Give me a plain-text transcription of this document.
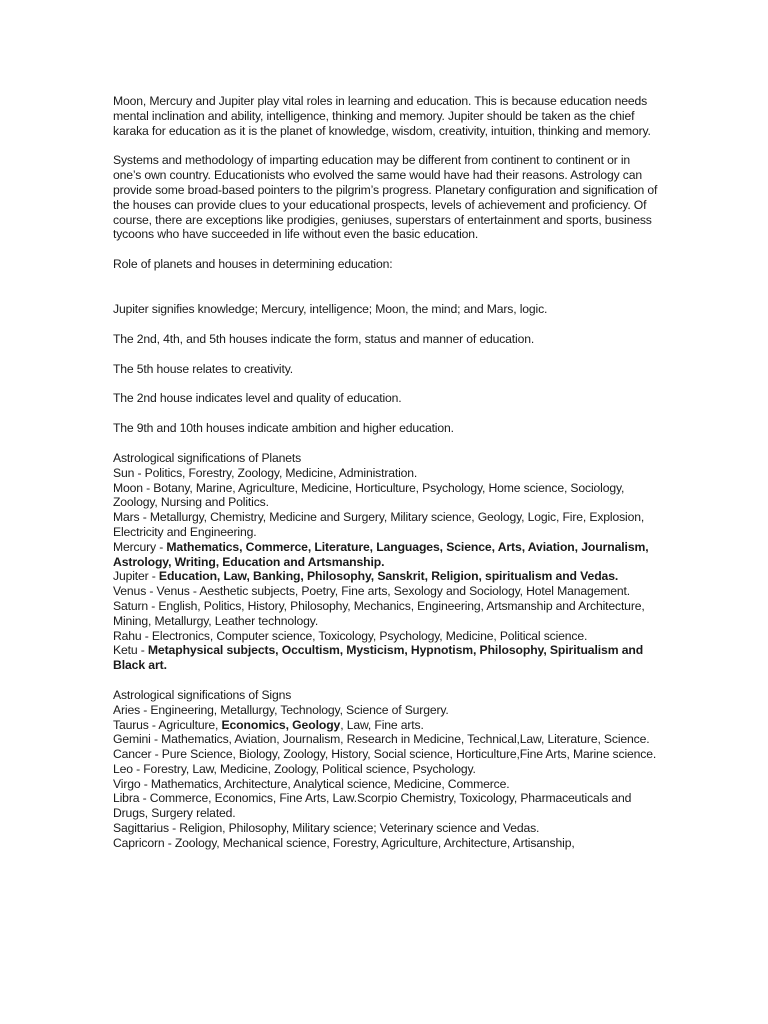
Moon, Mercury and Jupiter play vital roles in learning and education. This is because education needs mental inclination and ability, intelligence, thinking and memory. Jupiter should be taken as the chief karaka for education as it is the planet of knowledge, wisdom, creativity, intuition, thinking and memory.

Systems and methodology of imparting education may be different from continent to continent or in one’s own country. Educationists who evolved the same would have had their reasons. Astrology can provide some broad-based pointers to the pilgrim’s progress. Planetary configuration and signification of the houses can provide clues to your educational prospects, levels of achievement and proficiency. Of course, there are exceptions like prodigies, geniuses, superstars of entertainment and sports, business tycoons who have succeeded in life without even the basic education.

Role of planets and houses in determining education:

Jupiter signifies knowledge; Mercury, intelligence; Moon, the mind; and Mars, logic.

The 2nd, 4th, and 5th houses indicate the form, status and manner of education.

The 5th house relates to creativity.

The 2nd house indicates level and quality of education.

The 9th and 10th houses indicate ambition and higher education.

Astrological significations of Planets

Sun - Politics, Forestry, Zoology, Medicine, Administration.

Moon - Botany, Marine, Agriculture, Medicine, Horticulture, Psychology, Home science, Sociology, Zoology, Nursing and Politics.

Mars - Metallurgy, Chemistry, Medicine and Surgery, Military science, Geology, Logic, Fire, Explosion, Electricity and Engineering.

Mercury - Mathematics, Commerce, Literature, Languages, Science, Arts, Aviation, Journalism, Astrology, Writing, Education and Artsmanship.

Jupiter - Education, Law, Banking, Philosophy, Sanskrit, Religion, spiritualism and Vedas.

Venus - Venus - Aesthetic subjects, Poetry, Fine arts, Sexology and Sociology, Hotel Management.

Saturn - English, Politics, History, Philosophy, Mechanics, Engineering, Artsmanship and Architecture, Mining, Metallurgy, Leather technology.

Rahu - Electronics, Computer science, Toxicology, Psychology, Medicine, Political science.

Ketu - Metaphysical subjects, Occultism, Mysticism, Hypnotism, Philosophy, Spiritualism and Black art.

Astrological significations of Signs

Aries - Engineering, Metallurgy, Technology, Science of Surgery.

Taurus - Agriculture, Economics, Geology, Law, Fine arts.

Gemini - Mathematics, Aviation, Journalism, Research in Medicine, Technical,Law, Literature, Science.

Cancer - Pure Science, Biology, Zoology, History, Social science, Horticulture,Fine Arts, Marine science.

Leo - Forestry, Law, Medicine, Zoology, Political science, Psychology.

Virgo - Mathematics, Architecture, Analytical science, Medicine, Commerce.

Libra - Commerce, Economics, Fine Arts, Law.Scorpio Chemistry, Toxicology, Pharmaceuticals and Drugs, Surgery related.

Sagittarius - Religion, Philosophy, Military science; Veterinary science and Vedas.

Capricorn - Zoology, Mechanical science, Forestry, Agriculture, Architecture, Artisanship,
